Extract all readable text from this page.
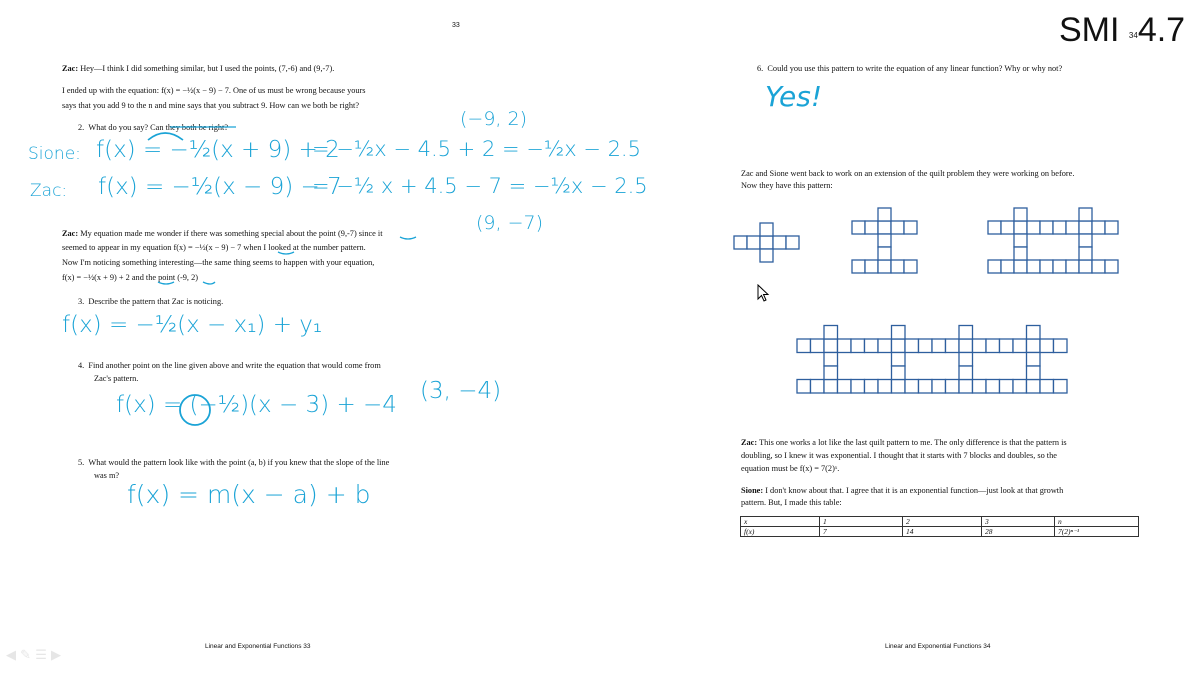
33	SMI $^{34}$4.7
Zac: Hey—I think I did something similar, but I used the points, (7,-6) and (9,-7).
I ended up with the equation: f(x) = −½(x − 9) − 7. One of us must be wrong because yours
says that you add 9 to the n and mine says that you subtract 9. How can we both be right?
2. What do you say? Can they both be right?
Zac: My equation made me wonder if there was something special about the point (9,-7) since it
seemed to appear in my equation f(x) = −½(x − 9) − 7 when I looked at the number pattern.
Now I'm noticing something interesting—the same thing seems to happen with your equation,
f(x) = −½(x + 9) + 2 and the point (-9, 2)
3. Describe the pattern that Zac is noticing.
4. Find another point on the line given above and write the equation that would come from
Zac's pattern.
5. What would the pattern look like with the point (a, b) if you knew that the slope of the line
was m?
Linear and Exponential Functions 33
(−9, 2)
Sione: f(x) = −½(x + 9) + 2
= −½x − 4.5 + 2 = −½x − 2.5
Zac: f(x) = −½(x − 9) − 7
= −½ x + 4.5 − 7 = −½x − 2.5
(9, −7)
f(x) = −½(x − x₁) + y₁
f(x) = (−½)(x − 3) + −4
(3, −4)
f(x) = m(x − a) + b
6. Could you use this pattern to write the equation of any linear function? Why or why not?
Yes!
Zac and Sione went back to work on an extension of the quilt problem they were working on before.
Now they have this pattern:
Zac: This one works a lot like the last quilt pattern to me. The only difference is that the pattern is
doubling, so I knew it was exponential. I thought that it starts with 7 blocks and doubles, so the
equation must be f(x) = 7(2)ˣ.
Sione: I don't know about that. I agree that it is an exponential function—just look at that growth
pattern. But, I made this table:
x	1	2	3	n
f(x)	7	14	28	7(2)ⁿ⁻¹
Linear and Exponential Functions 34
◀ ✎ ☰ ▶
